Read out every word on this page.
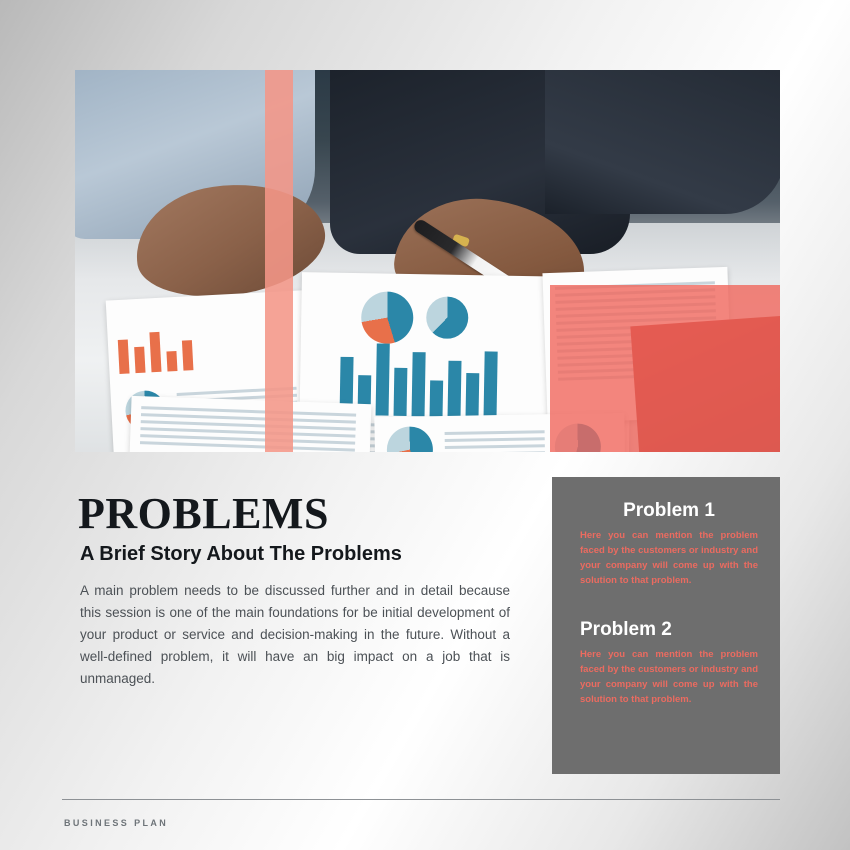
PROBLEMS
A Brief Story About The Problems
A main problem needs to be discussed further and in detail because this session is one of the main foundations for be initial development of your product or service and decision-making in the future. Without a well-defined problem, it will have an big impact on a job that is unmanaged.
Problem 1

Here you can mention the problem faced by the customers or industry and your company will come up with the solution to that problem.

Problem 2

Here you can mention the problem faced by the customers or industry and your company will come up with the solution to that problem.

BUSINESS PLAN
